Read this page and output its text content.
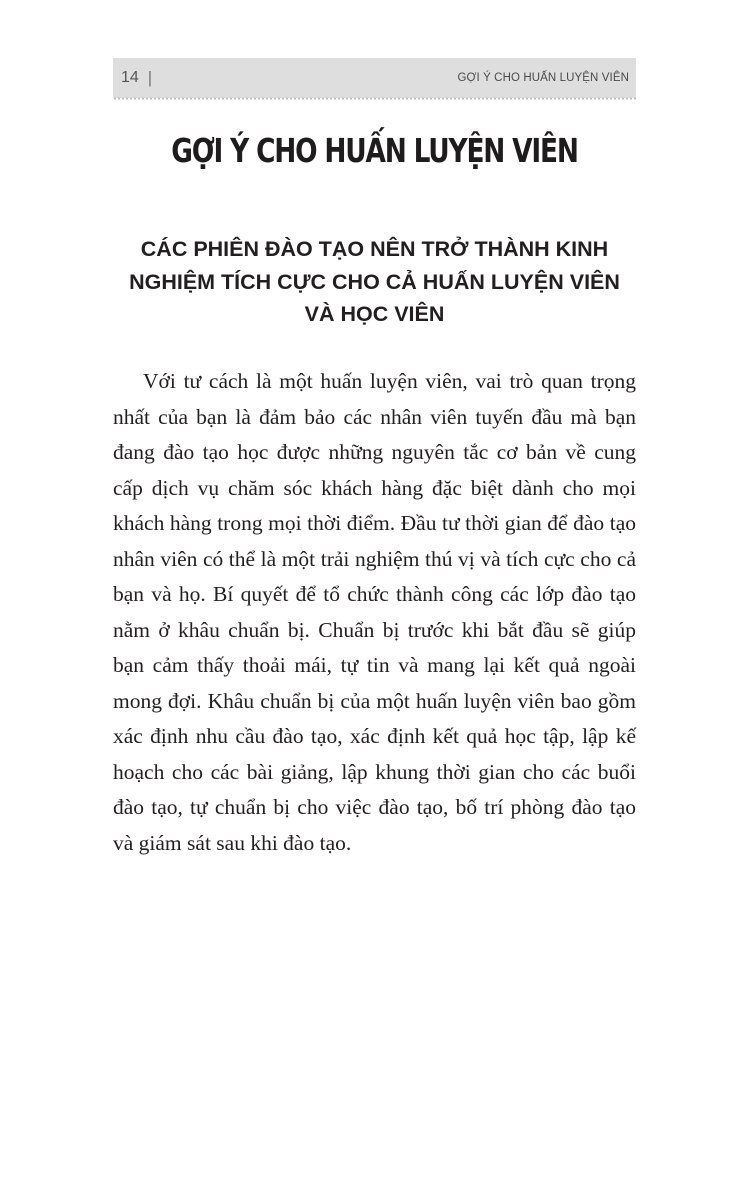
14 |	GỢI Ý CHO HUẤN LUYỆN VIÊN
GỢI Ý CHO HUẤN LUYỆN VIÊN
CÁC PHIÊN ĐÀO TẠO NÊN TRỞ THÀNH KINH NGHIỆM TÍCH CỰC CHO CẢ HUẤN LUYỆN VIÊN VÀ HỌC VIÊN

Với tư cách là một huấn luyện viên, vai trò quan trọng nhất của bạn là đảm bảo các nhân viên tuyến đầu mà bạn đang đào tạo học được những nguyên tắc cơ bản về cung cấp dịch vụ chăm sóc khách hàng đặc biệt dành cho mọi khách hàng trong mọi thời điểm. Đầu tư thời gian để đào tạo nhân viên có thể là một trải nghiệm thú vị và tích cực cho cả bạn và họ. Bí quyết để tổ chức thành công các lớp đào tạo nằm ở khâu chuẩn bị. Chuẩn bị trước khi bắt đầu sẽ giúp bạn cảm thấy thoải mái, tự tin và mang lại kết quả ngoài mong đợi. Khâu chuẩn bị của một huấn luyện viên bao gồm xác định nhu cầu đào tạo, xác định kết quả học tập, lập kế hoạch cho các bài giảng, lập khung thời gian cho các buổi đào tạo, tự chuẩn bị cho việc đào tạo, bố trí phòng đào tạo và giám sát sau khi đào tạo.
